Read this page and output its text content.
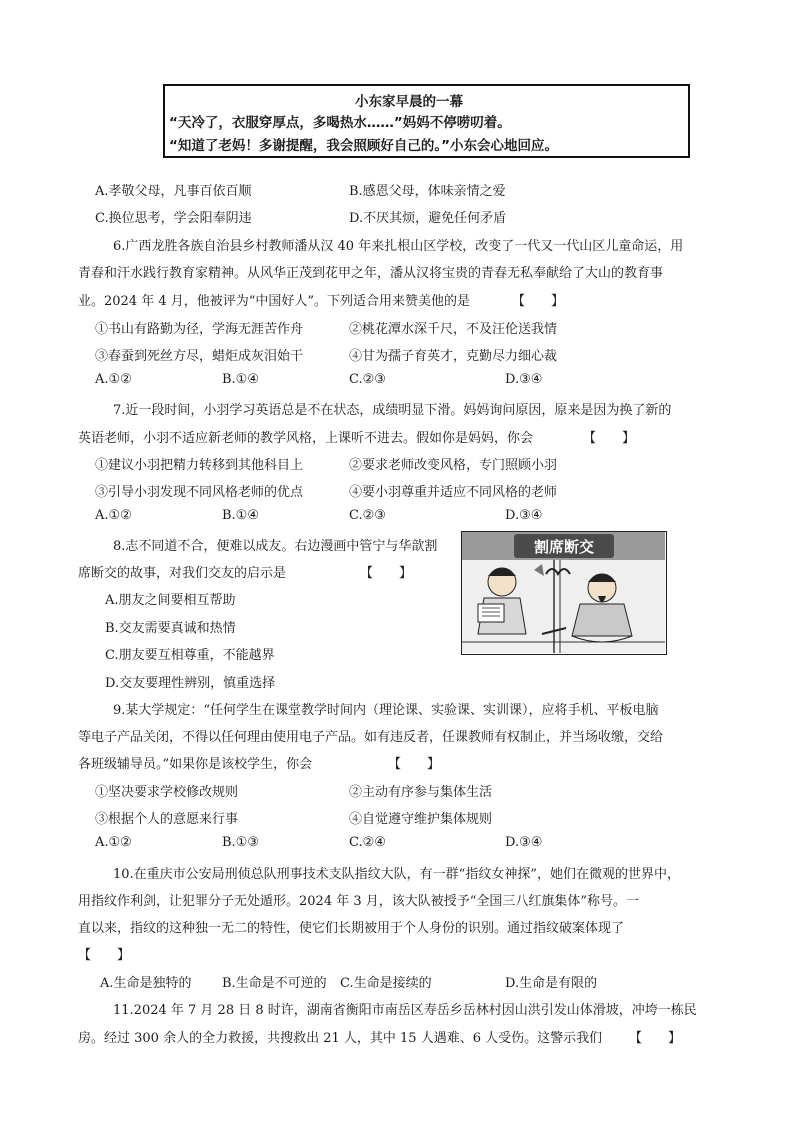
小东家早晨的一幕
“天冷了，衣服穿厚点，多喝热水……”妈妈不停唠叨着。
“知道了老妈！多谢提醒，我会照顾好自己的。”小东会心地回应。
A.孝敬父母，凡事百依百顺	B.感恩父母，体味亲情之爱
C.换位思考，学会阳奉阴违	D.不厌其烦，避免任何矛盾
6.广西龙胜各族自治县乡村教师潘从汉 40 年来扎根山区学校，改变了一代又一代山区儿童命运，用
青春和汗水践行教育家精神。从风华正茂到花甲之年，潘从汉将宝贵的青春无私奉献给了大山的教育事
业。2024 年 4 月，他被评为“中国好人”。下列适合用来赞美他的是	【　　】
①书山有路勤为径，学海无涯苦作舟	②桃花潭水深千尺，不及汪伦送我情
③春蚕到死丝方尽，蜡炬成灰泪始干	④甘为孺子育英才，克勤尽力细心裁
A.①②	B.①④	C.②③	D.③④
7.近一段时间，小羽学习英语总是不在状态，成绩明显下滑。妈妈询问原因，原来是因为换了新的
英语老师，小羽不适应新老师的教学风格，上课听不进去。假如你是妈妈，你会	【　　】
①建议小羽把精力转移到其他科目上	②要求老师改变风格，专门照顾小羽
③引导小羽发现不同风格老师的优点	④要小羽尊重并适应不同风格的老师
A.①②	B.①④	C.②③	D.③④
8.志不同道不合，便难以成友。右边漫画中管宁与华歆割
席断交的故事，对我们交友的启示是	【　　】
A.朋友之间要相互帮助
B.交友需要真诚和热情
C.朋友要互相尊重，不能越界
D.交友要理性辨别，慎重选择
割席断交
9.某大学规定：“任何学生在课堂教学时间内（理论课、实验课、实训课），应将手机、平板电脑
等电子产品关闭，不得以任何理由使用电子产品。如有违反者，任课教师有权制止，并当场收缴，交给
各班级辅导员。”如果你是该校学生，你会	【　　】
①坚决要求学校修改规则	②主动有序参与集体生活
③根据个人的意愿来行事	④自觉遵守维护集体规则
A.①②	B.①③	C.②④	D.③④
10.在重庆市公安局刑侦总队刑事技术支队指纹大队，有一群“指纹女神探”，她们在微观的世界中，
用指纹作利剑，让犯罪分子无处遁形。2024 年 3 月，该大队被授予“全国三八红旗集体”称号。一
直以来，指纹的这种独一无二的特性，使它们长期被用于个人身份的识别。通过指纹破案体现了
【　　】
A.生命是独特的 B.生命是不可逆的 C.生命是接续的	D.生命是有限的
11.2024 年 7 月 28 日 8 时许，湖南省衡阳市南岳区寿岳乡岳林村因山洪引发山体滑坡，冲垮一栋民
房。经过 300 余人的全力救援，共搜救出 21 人，其中 15 人遇难、6 人受伤。这警示我们 【　　】
